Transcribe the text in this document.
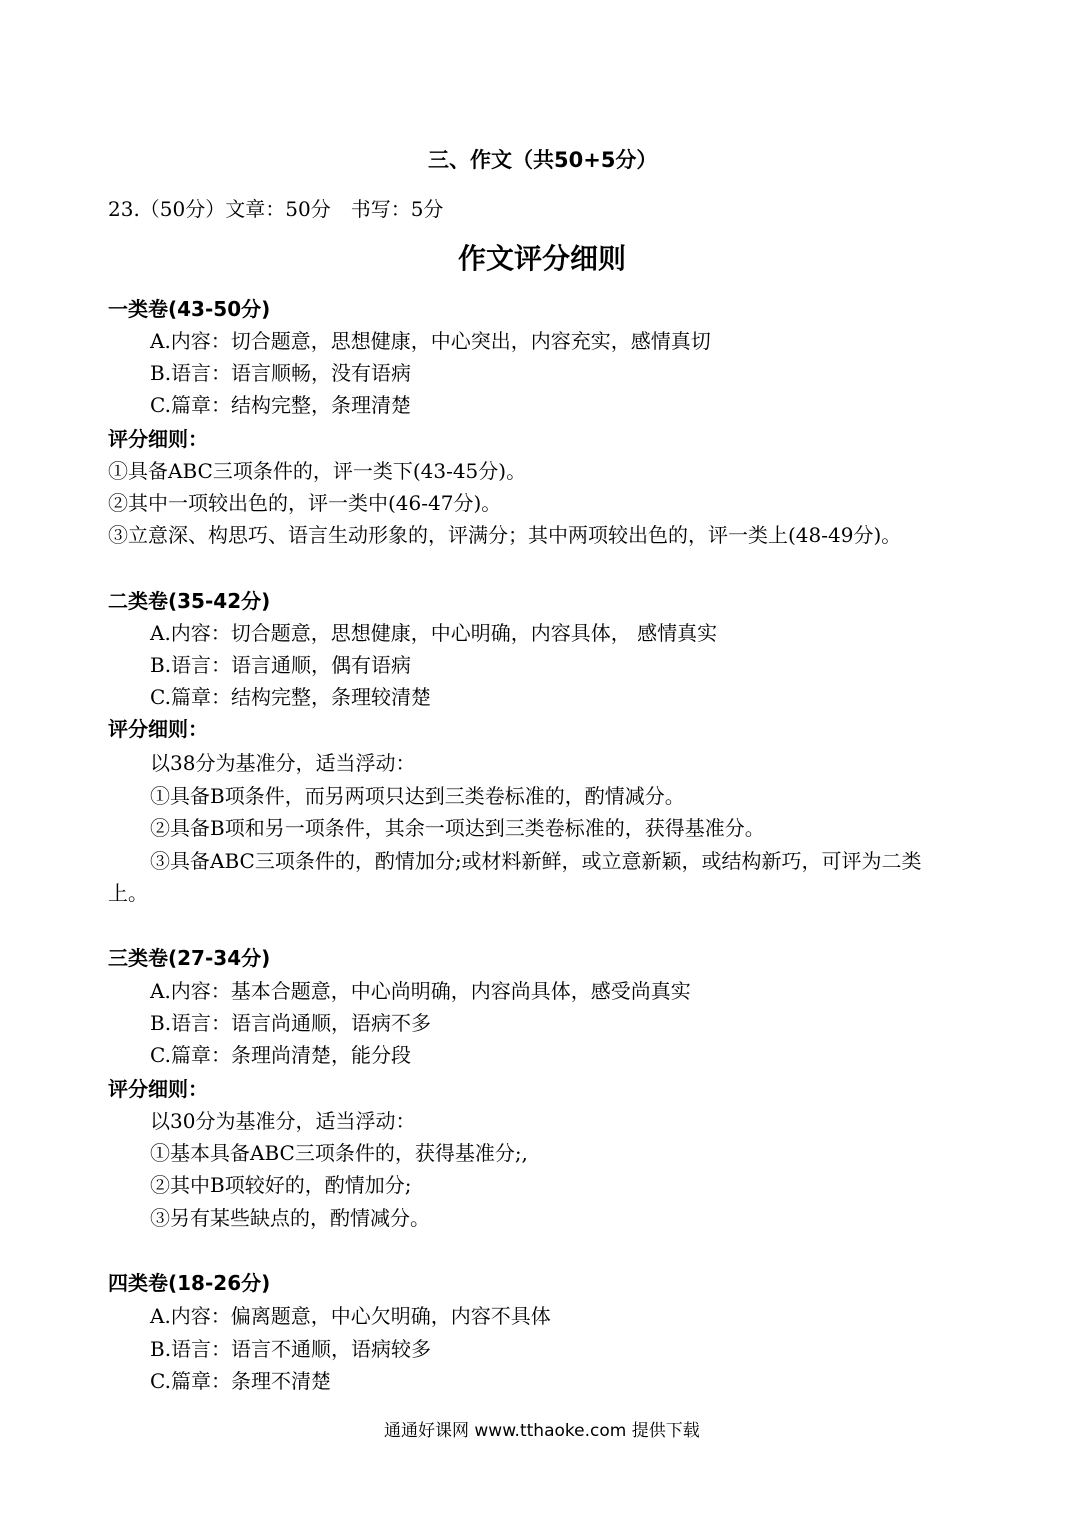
三、作文（共50+5分）
23.（50分）文章：50分　书写：5分
作文评分细则
一类卷(43-50分)
A.内容：切合题意，思想健康，中心突出，内容充实，感情真切
B.语言：语言顺畅，没有语病
C.篇章：结构完整，条理清楚
评分细则：
①具备ABC三项条件的，评一类下(43-45分)。
②其中一项较出色的，评一类中(46-47分)。
③立意深、构思巧、语言生动形象的，评满分；其中两项较出色的，评一类上(48-49分)。
二类卷(35-42分)
A.内容：切合题意，思想健康，中心明确，内容具体， 感情真实
B.语言：语言通顺，偶有语病
C.篇章：结构完整，条理较清楚
评分细则：
以38分为基准分，适当浮动：
①具备B项条件，而另两项只达到三类卷标准的，酌情减分。
②具备B项和另一项条件，其余一项达到三类卷标准的，获得基准分。
③具备ABC三项条件的，酌情加分;或材料新鲜，或立意新颖，或结构新巧，可评为二类
上。
三类卷(27-34分)
A.内容：基本合题意，中心尚明确，内容尚具体，感受尚真实
B.语言：语言尚通顺，语病不多
C.篇章：条理尚清楚，能分段
评分细则：
以30分为基准分，适当浮动：
①基本具备ABC三项条件的，获得基准分;,
②其中B项较好的，酌情加分;
③另有某些缺点的，酌情减分。
四类卷(18-26分)
A.内容：偏离题意，中心欠明确，内容不具体
B.语言：语言不通顺，语病较多
C.篇章：条理不清楚
通通好课网 www.tthaoke.com 提供下载
